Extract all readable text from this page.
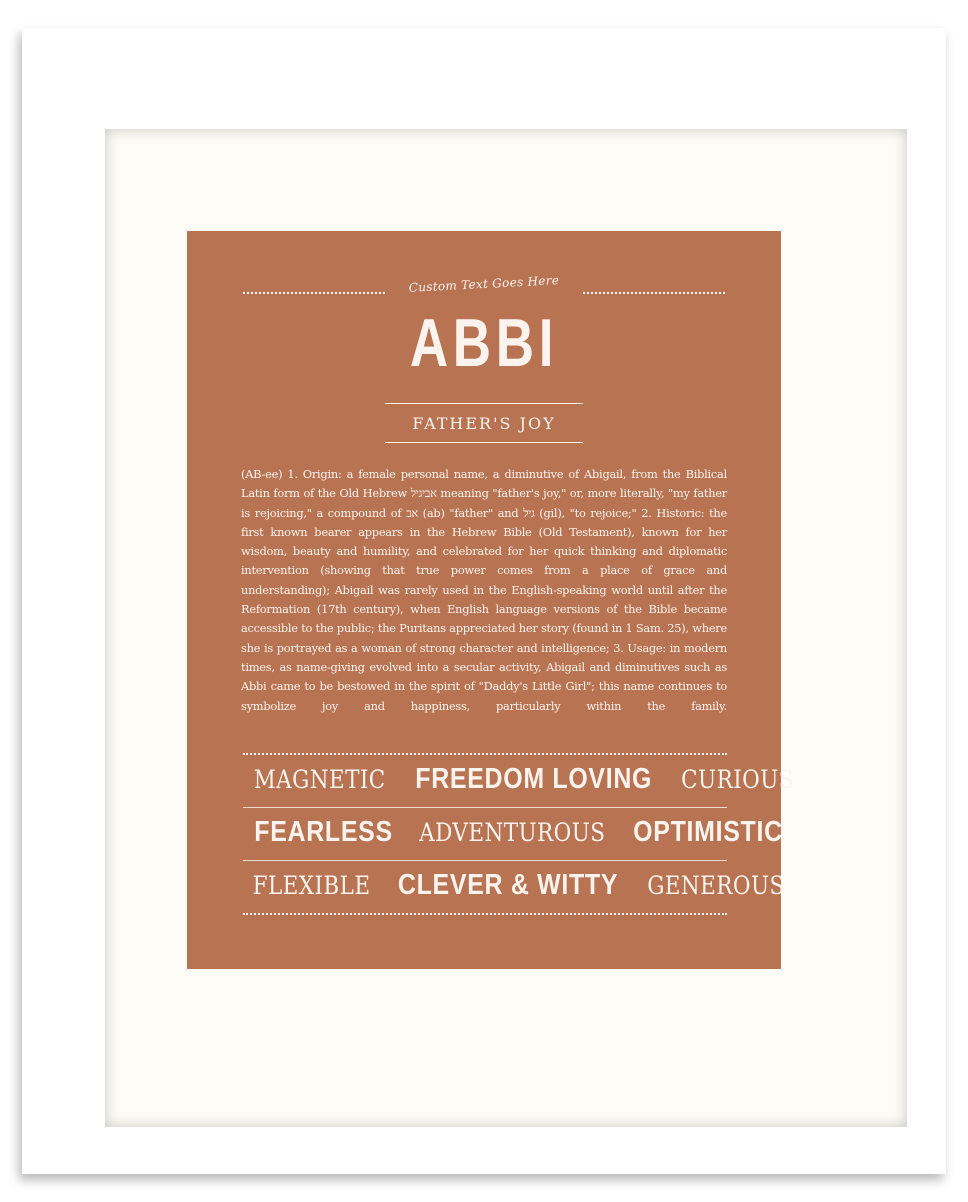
Custom Text Goes Here
ABBI
FATHER'S JOY

(AB-ee) 1. Origin: a female personal name, a diminutive of Abigail, from the Biblical Latin form of the Old Hebrew אביגיל meaning "father's joy," or, more literally, "my father is rejoicing," a compound of אב (ab) "father" and גיל (gil), "to rejoice;" 2. Historic: the first known bearer appears in the Hebrew Bible (Old Testament), known for her wisdom, beauty and humility, and celebrated for her quick thinking and diplomatic intervention (showing that true power comes from a place of grace and understanding); Abigail was rarely used in the English-speaking world until after the Reformation (17th century), when English language versions of the Bible became accessible to the public; the Puritans appreciated her story (found in 1 Sam. 25), where she is portrayed as a woman of strong character and intelligence; 3. Usage: in modern times, as name-giving evolved into a secular activity, Abigail and diminutives such as Abbi came to be bestowed in the spirit of "Daddy's Little Girl"; this name continues to symbolize joy and happiness, particularly within the family.

MAGNETIC FREEDOM LOVING CURIOUS
FEARLESS ADVENTUROUS OPTIMISTIC
FLEXIBLE CLEVER & WITTY GENEROUS
